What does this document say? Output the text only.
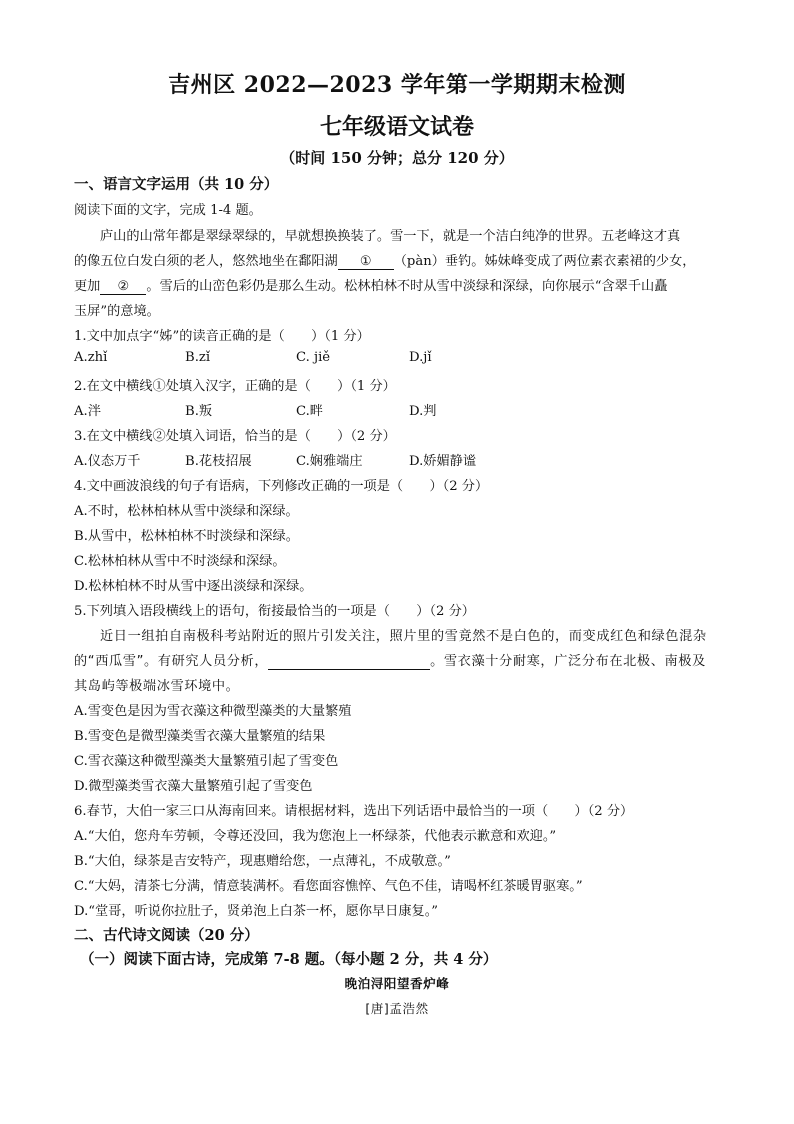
吉州区 2022—2023 学年第一学期期末检测
七年级语文试卷
（时间 150 分钟；总分 120 分）
一、语言文字运用（共 10 分）
阅读下面的文字，完成 1-4 题。
庐山的山常年都是翠绿翠绿的，早就想换换装了。雪一下，就是一个洁白纯净的世界。五老峰这才真
的像五位白发白须的老人，悠然地坐在鄱阳湖 ① （pàn）垂钓。姊妹峰变成了两位素衣素裙的少女，
更加 ② 。雪后的山峦色彩仍是那么生动。松林柏林不时从雪中淡绿和深绿，向你展示“含翠千山矗
玉屏”的意境。
1.文中加点字“姊”的读音正确的是（　　）（1 分）
A.zhǐ	B.zǐ	C. jiě	D.jǐ
2.在文中横线①处填入汉字，正确的是（　　）（1 分）
A.泮	B.叛	C.畔	D.判
3.在文中横线②处填入词语，恰当的是（　　）（2 分）
A.仪态万千	B.花枝招展	C.娴雅端庄	D.娇媚静谧
4.文中画波浪线的句子有语病，下列修改正确的一项是（　　）（2 分）
A.不时，松林柏林从雪中淡绿和深绿。
B.从雪中，松林柏林不时淡绿和深绿。
C.松林柏林从雪中不时淡绿和深绿。
D.松林柏林不时从雪中逐出淡绿和深绿。
5.下列填入语段横线上的语句，衔接最恰当的一项是（　　）（2 分）
近日一组拍自南极科考站附近的照片引发关注，照片里的雪竟然不是白色的，而变成红色和绿色混杂
的“西瓜雪”。有研究人员分析，	。雪衣藻十分耐寒，广泛分布在北极、南极及
其岛屿等极端冰雪环境中。
A.雪变色是因为雪衣藻这种微型藻类的大量繁殖
B.雪变色是微型藻类雪衣藻大量繁殖的结果
C.雪衣藻这种微型藻类大量繁殖引起了雪变色
D.微型藻类雪衣藻大量繁殖引起了雪变色
6.春节，大伯一家三口从海南回来。请根据材料，选出下列话语中最恰当的一项（　　）（2 分）
A.“大伯，您舟车劳顿，令尊还没回，我为您泡上一杯绿茶，代他表示歉意和欢迎。”
B.“大伯，绿茶是吉安特产，现惠赠给您，一点薄礼，不成敬意。”
C.“大妈，清茶七分满，情意装满杯。看您面容憔悴、气色不佳，请喝杯红茶暖胃驱寒。”
D.“堂哥，听说你拉肚子，贤弟泡上白茶一杯，愿你早日康复。”
二、古代诗文阅读（20 分）
（一）阅读下面古诗，完成第 7-8 题。（每小题 2 分，共 4 分）
晚泊浔阳望香炉峰
[唐]孟浩然
